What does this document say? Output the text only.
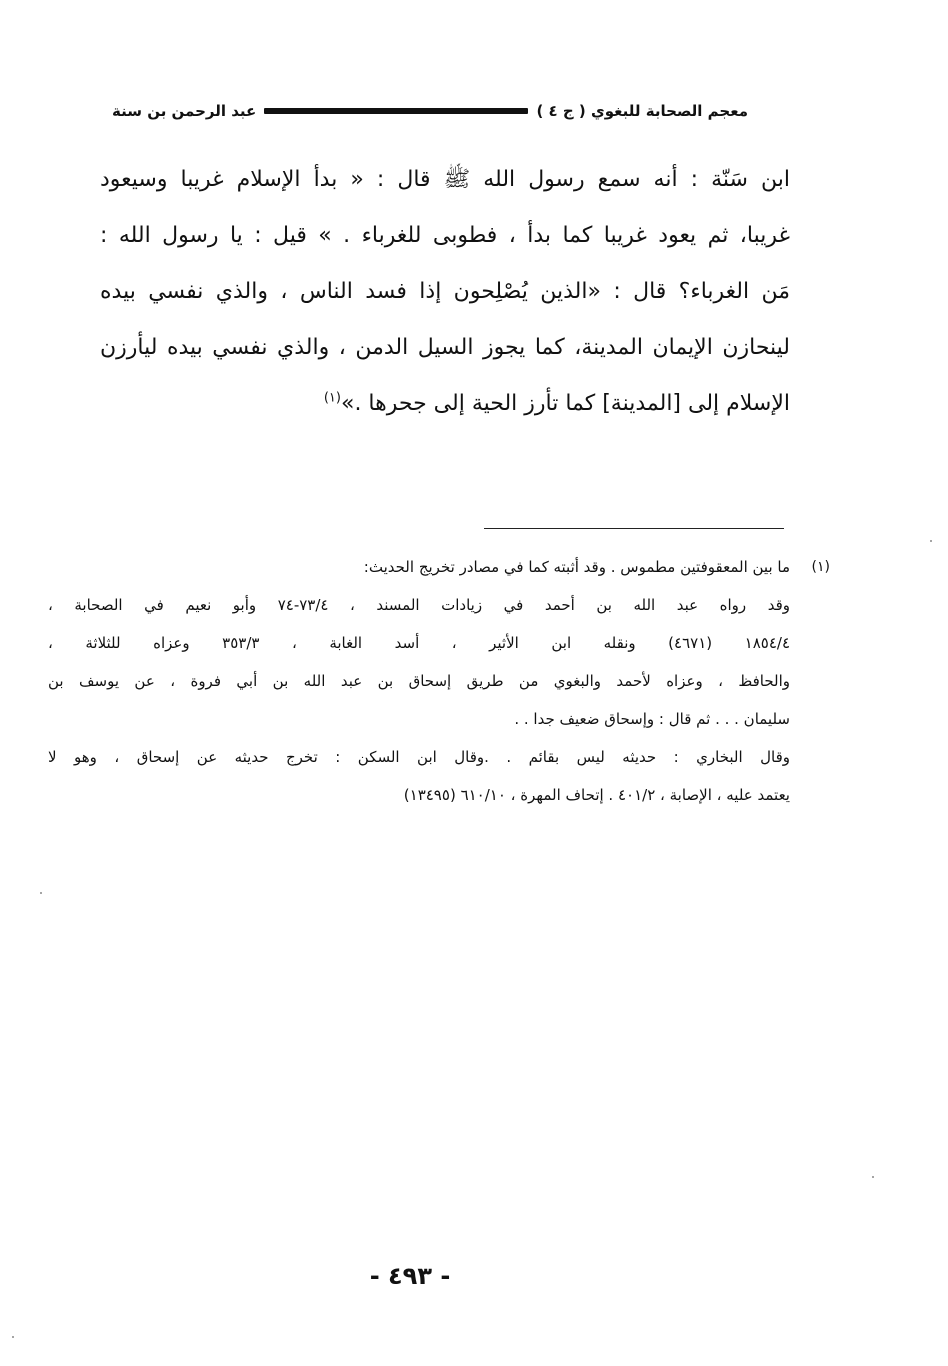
معجم الصحابة للبغوي ( ج ٤ )
عبد الرحمن بن سنة
ابن سَنّة : أنه سمع رسول الله ﷺ قال : « بدأ الإسلام غريبا وسيعود
غريبا، ثم يعود غريبا كما بدأ ، فطوبى للغرباء . » قيل : يا رسول الله :
مَن الغرباء؟ قال : «الذين يُصْلِحون إذا فسد الناس ، والذي نفسي بيده
لينحازن الإيمان المدينة، كما يجوز السيل الدمن ، والذي نفسي بيده ليأرزن
الإسلام إلى [المدينة] كما تأرز الحية إلى جحرها .»$^{(١)}$
(١)
ما بين المعقوفتين مطموس . وقد أثبته كما في مصادر تخريج الحديث:
وقد رواه عبد الله بن أحمد في زيادات المسند ، ٧٣/٤-٧٤ وأبو نعيم في الصحابة ،
١٨٥٤/٤ (٤٦٧١) ونقله ابن الأثير ، أسد الغابة ، ٣٥٣/٣ وعزاه للثلاثة ،
والحافظ ، وعزاه لأحمد والبغوي من طريق إسحاق بن عبد الله بن أبي فروة ، عن يوسف بن
سليمان . . . ثم قال : وإسحاق ضعيف جدا . .
وقال البخاري : حديثه ليس بقائم . .وقال ابن السكن : تخرج حديثه عن إسحاق ، وهو لا
يعتمد عليه ، الإصابة ، ٤٠١/٢ . إتحاف المهرة ، ٦١٠/١٠ (١٣٤٩٥)
- ٤٩٣ -
